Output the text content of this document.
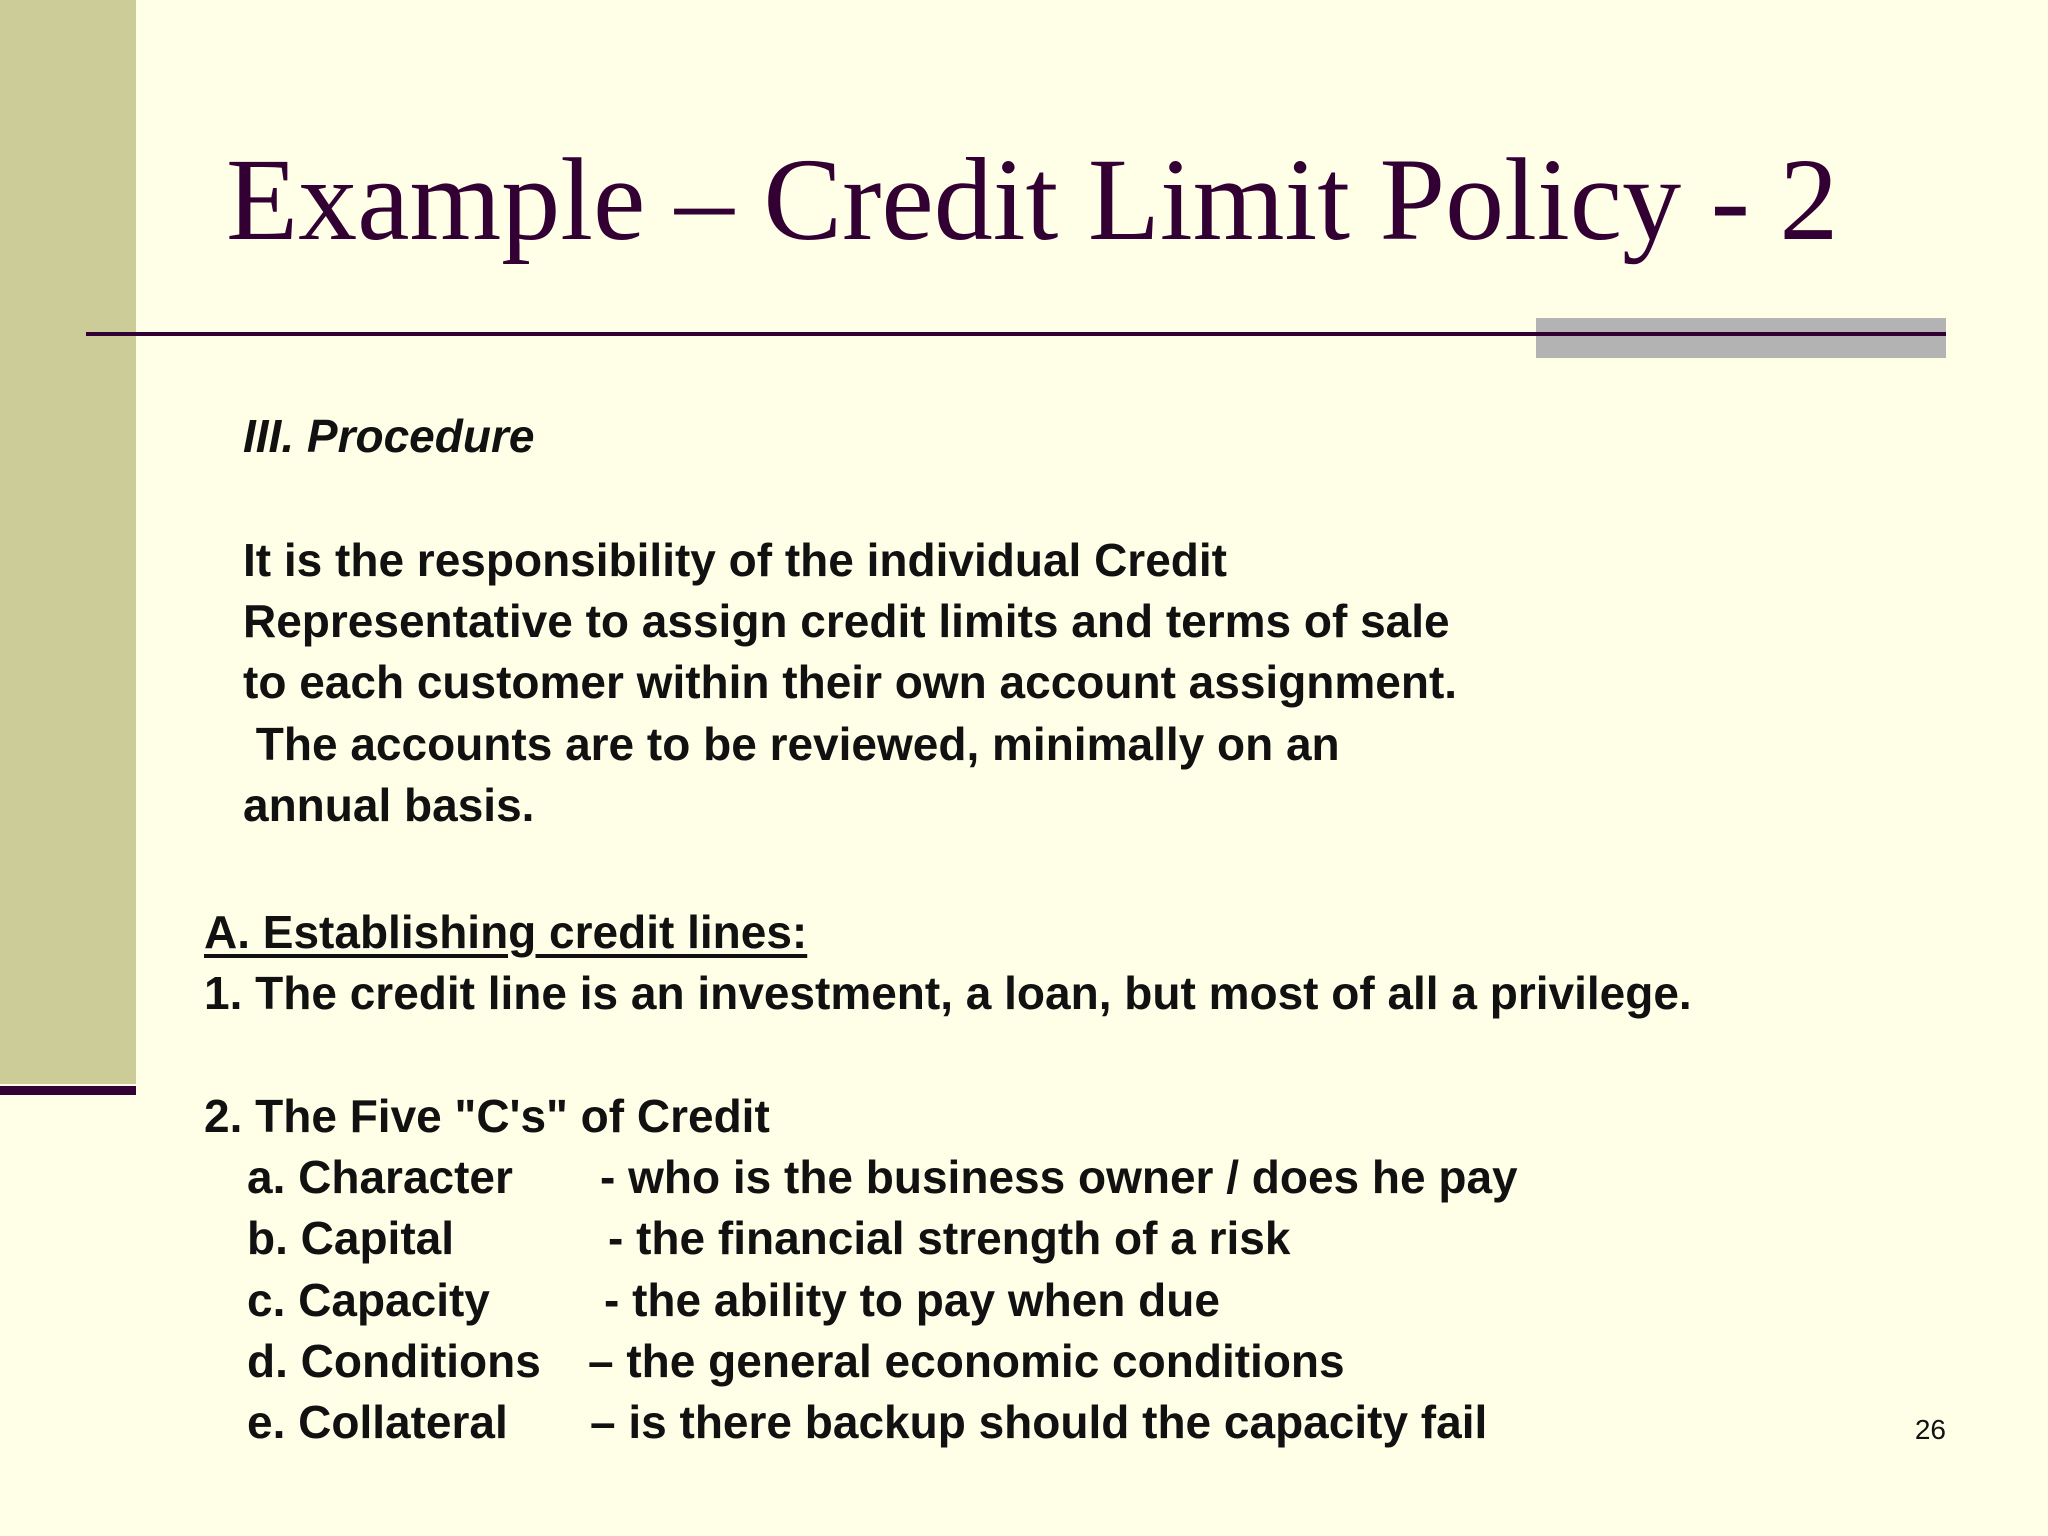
Example – Credit Limit Policy - 2
III. Procedure
It is the responsibility of the individual Credit
Representative to assign credit limits and terms of sale
to each customer within their own account assignment.
The accounts are to be reviewed, minimally on an
annual basis.
A. Establishing credit lines:
1. The credit line is an investment, a loan, but most of all a privilege.
2. The Five "C's" of Credit
a. Character - who is the business owner / does he pay
b. Capital	- the financial strength of a risk
c. Capacity - the ability to pay when due
d. Conditions – the general economic conditions
e. Collateral – is there backup should the capacity fail	26
